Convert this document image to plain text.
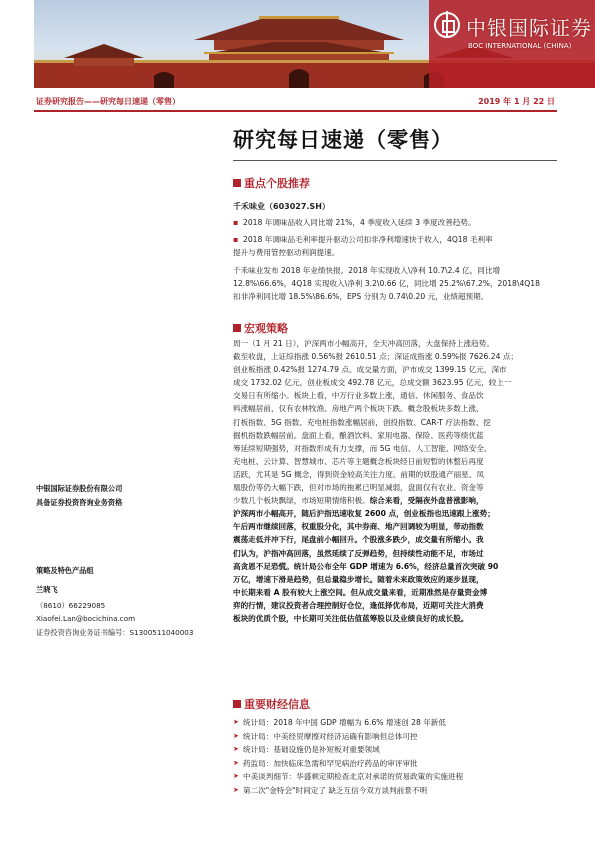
中银国际证券
BOC INTERNATIONAL (CHINA)
证券研究报告——研究每日速递（零售）	2019 年 1 月 22 日
研究每日速递（零售）
重点个股推荐
千禾味业（603027.SH）
▪ 2018 年调味品收入同比增 21%，4 季度收入延续 3 季度改善趋势。
▪ 2018 年调味品毛利率提升驱动公司扣非净利增速快于收入，4Q18 毛利率
提升与费用管控驱动利润提速。
千禾味业发布 2018 年业绩快报。2018 年实现收入\净利 10.7\2.4 亿，同比增
12.8%\66.6%，4Q18 实现收入\净利 3.2\0.66 亿，同比增 25.2%\67.2%，2018\4Q18
扣非净利同比增 18.5%\86.6%，EPS 分别为 0.74\0.20 元，业绩超预期。
宏观策略
周一（1 月 21 日），沪深两市小幅高开，全天冲高回落，大盘保持上涨趋势。
截至收盘，上证综指涨 0.56%报 2610.51 点；深证成指涨 0.59%报 7626.24 点；
创业板指涨 0.42%报 1274.79 点。成交量方面，沪市成交 1399.15 亿元，深市
成交 1732.02 亿元，创业板成交 492.78 亿元，总成交额 3623.95 亿元，较上一
交易日有所缩小。板块上看，中万行业多数上涨，通信、休闲服务、食品饮
料涨幅居前，仅有农林牧渔、房地产两个板块下跌。概念股板块多数上涨，
打板指数、5G 指数、充电桩指数涨幅居前，创投指数、CAR-T 疗法指数、挖
掘机指数跌幅居前。盘面上看，酿酒饮料、家用电器、保险、医药等绩优蓝
筹延续短期强势，对指数形成有力支撑，而 5G 电信、人工智能、网络安全、
充电桩、云计算、智慧城市、芯片等主题概念板块经日前短暂的休整后再度
活跃，尤其是 5G 概念，得到资金较高关注力度。前期的妖股通产丽星、凤
凰股份等仍大幅下跌，但对市场的拖累已明显减弱，盘面仅有农业、资金等
少数几个板块飘绿，市场短期情绪积极。综合来看，受隔夜外盘普涨影响，
沪深两市小幅高开，随后沪指迅速收复 2600 点，创业板指也迅速跟上涨势；
午后两市继续回落，权重股分化，其中券商、地产回调较为明显，带动指数
震荡走低并冲下行，尾盘前小幅回升。个股涨多跌少，成交量有所缩小。我
们认为，沪指冲高回落，虽然延续了反弹趋势，但持续性动能不足，市场过
高贪恩不足恐慌。统计局公布全年 GDP 增速为 6.6%，经济总量首次突破 90
万亿，增速下滑是趋势，但总量稳步增长。随着未来政策效应的逐步显现，
中长期来看 A 股有较大上涨空间。但从成交量来看，近期准然是存量资金博
弈的行情，建议投资者合理控制好仓位，逢低择优布局，近期可关注大消费
板块的优质个股，中长期可关注低估值蓝筹股以及业绩良好的成长股。
重要财经信息
➤ 统计局：2018 年中国 GDP 增幅为 6.6% 增速创 28 年新低
➤ 统计局：中美经贸摩擦对经济运确有影响但总体可控
➤ 统计局：基础设施仍是补短板对重要领域
➤ 药监局：加快临床急需和罕见病治疗药品的审评审批
➤ 中美谈判细节：华盛顿定期检查北京对承诺的贸易政策的实施进程
➤ 第二次"金特会"时间定了 缺乏互信今双方谈判前景不明
中银国际证券股份有限公司
具备证券投资咨询业务资格
策略及特色产品组
兰晓飞
（8610）66229085
Xiaofei.Lan@bocichina.com
证券投资咨询业务证书编号：S1300511040003
